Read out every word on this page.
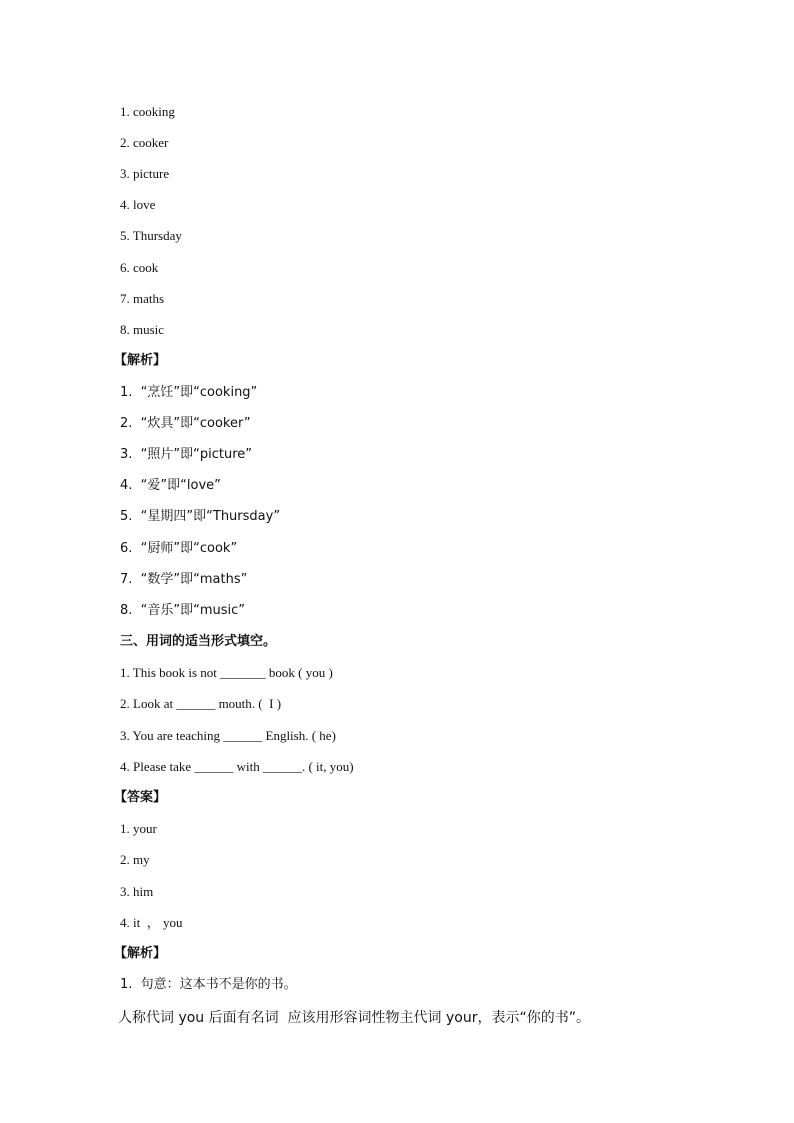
1. cooking
2. cooker
3. picture
4. love
5. Thursday
6. cook
7. maths
8. music
【解析】
1.  “烹饪”即“cooking”
2.  “炊具”即“cooker”
3.  “照片”即“picture”
4.  “爱”即“love”
5.  “星期四”即“Thursday”
6.  “厨师”即“cook”
7.  “数学”即“maths”
8.  “音乐”即“music”
三、用词的适当形式填空。
1. This book is not _______ book ( you )
2. Look at ______ mouth. (  I )
3. You are teaching ______ English. ( he)
4. Please take ______ with ______. ( it, you)
【答案】
1. your
2. my
3. him
4. it  ， you
【解析】
1.  句意：这本书不是你的书。
人称代词 you 后面有名词  应该用形容词性物主代词 your，表示“你的书”。
